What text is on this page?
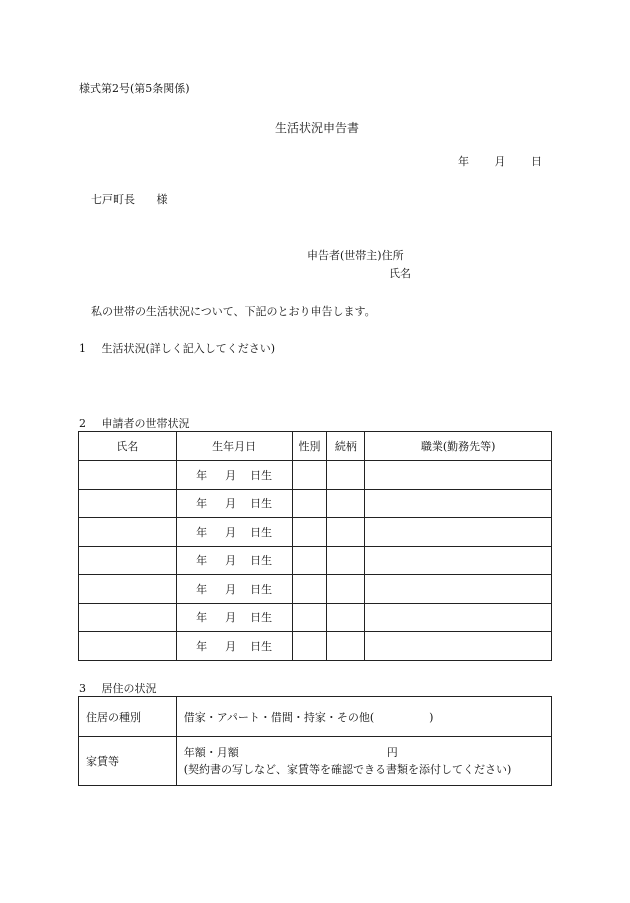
様式第2号(第5条関係)
生活状況申告書
年 月 日
七戸町長 様
申告者(世帯主)住所
氏名
私の世帯の生活状況について、下記のとおり申告します。
1 生活状況(詳しく記入してください)
2 申請者の世帯状況
氏名	生年月日	性別	続柄	職業(勤務先等)
	年 月 日生			
	年 月 日生			
	年 月 日生			
	年 月 日生			
	年 月 日生			
	年 月 日生			
	年 月 日生			
3 居住の状況
住居の種別	借家・アパート・借間・持家・その他(　　　　　)
家賃等	年額・月額 円
(契約書の写しなど、家賃等を確認できる書類を添付してください)
